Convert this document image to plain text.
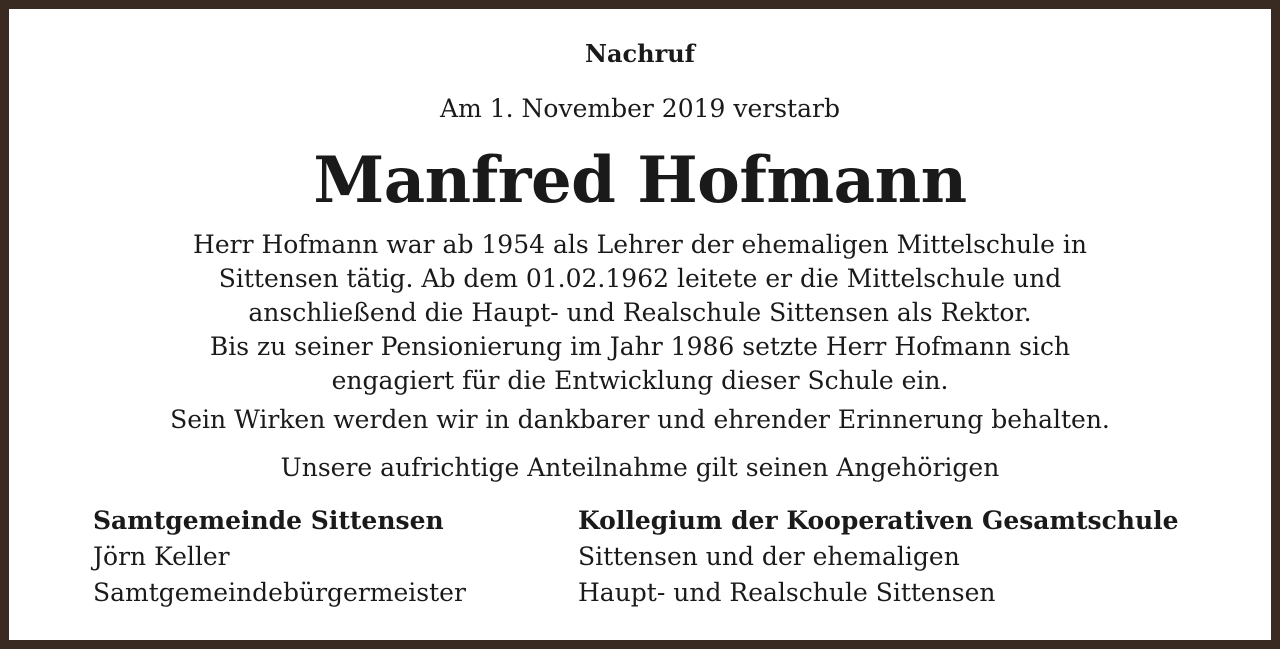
Nachruf
Am 1. November 2019 verstarb
Manfred Hofmann
Herr Hofmann war ab 1954 als Lehrer der ehemaligen Mittelschule in
Sittensen tätig. Ab dem 01.02.1962 leitete er die Mittelschule und
anschließend die Haupt- und Realschule Sittensen als Rektor.
Bis zu seiner Pensionierung im Jahr 1986 setzte Herr Hofmann sich
engagiert für die Entwicklung dieser Schule ein.
Sein Wirken werden wir in dankbarer und ehrender Erinnerung behalten.
Unsere aufrichtige Anteilnahme gilt seinen Angehörigen
Samtgemeinde Sittensen
Jörn Keller
Samtgemeindebürgermeister
Kollegium der Kooperativen Gesamtschule
Sittensen und der ehemaligen
Haupt- und Realschule Sittensen
